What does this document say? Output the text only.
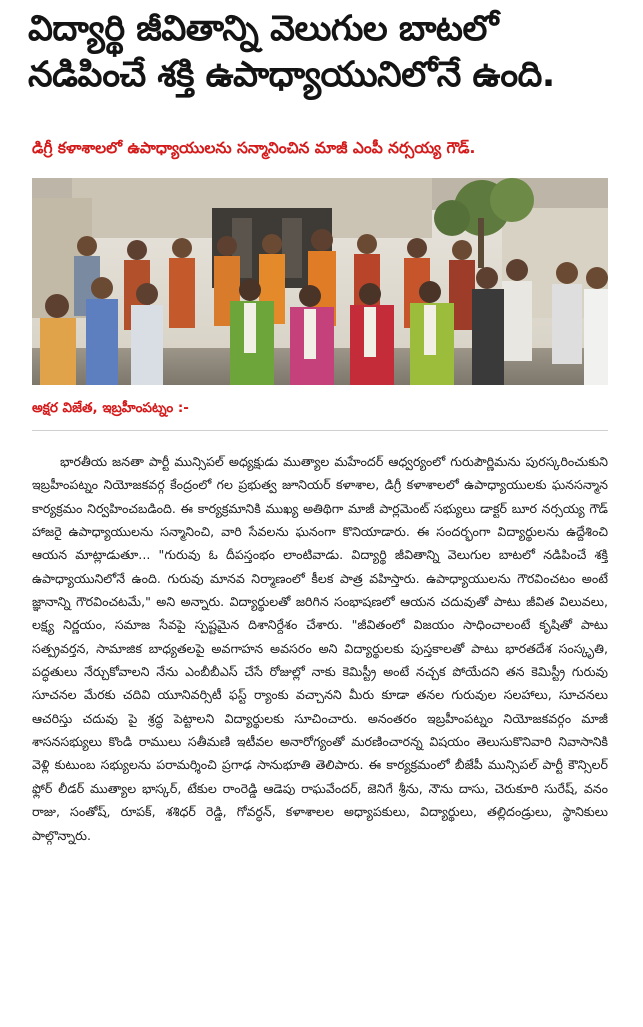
విద్యార్థి జీవితాన్ని వెలుగుల బాటలో
నడిపించే శక్తి ఉపాధ్యాయునిలోనే ఉంది.

డిగ్రీ కళాశాలలో ఉపాధ్యాయులను సన్మానించిన మాజీ ఎంపీ నర్సయ్య గౌడ్.

అక్షర విజేత, ఇబ్రహీంపట్నం :-

భారతీయ జనతా పార్టీ మున్సిపల్ అధ్యక్షుడు ముత్యాల మహేందర్ ఆధ్వర్యంలో గురుపౌర్ణిమను పురస్కరించుకుని ఇబ్రహీంపట్నం నియోజకవర్గ కేంద్రంలో గల ప్రభుత్వ జూనియర్ కళాశాల, డిగ్రీ కళాశాలలో ఉపాధ్యాయులకు ఘనసన్మాన కార్యక్రమం నిర్వహించబడింది. ఈ కార్యక్రమానికి ముఖ్య అతిథిగా మాజీ పార్లమెంట్ సభ్యులు డాక్టర్ బూర నర్సయ్య గౌడ్ హాజరై ఉపాధ్యాయులను సన్మానించి, వారి సేవలను ఘనంగా కొనియాడారు. ఈ సందర్భంగా విద్యార్థులను ఉద్దేశించి ఆయన మాట్లాడుతూ... "గురువు ఓ దీపస్తంభం లాంటివాడు. విద్యార్థి జీవితాన్ని వెలుగుల బాటలో నడిపించే శక్తి ఉపాధ్యాయునిలోనే ఉంది. గురువు మానవ నిర్మాణంలో కీలక పాత్ర వహిస్తారు. ఉపాధ్యాయులను గౌరవించటం అంటే జ్ఞానాన్ని గౌరవించటమే," అని అన్నారు. విద్యార్థులతో జరిగిన సంభాషణలో ఆయన చదువుతో పాటు జీవిత విలువలు, లక్ష్య నిర్ణయం, సమాజ సేవపై స్పష్టమైన దిశానిర్దేశం చేశారు. "జీవితంలో విజయం సాధించాలంటే కృషితో పాటు సత్ప్రవర్తన, సామాజిక బాధ్యతలపై అవగాహన అవసరం అని విద్యార్థులకు పుస్తకాలతో పాటు భారతదేశ సంస్కృతి, పద్ధతులు నేర్చుకోవాలని నేను ఎంబీబీఎస్ చేసే రోజుల్లో నాకు కెమిస్ట్రీ అంటే నచ్చక పోయేదని తన కెమిస్ట్రీ గురువు సూచనల మేరకు చదివి యూనివర్సిటీ ఫస్ట్ ర్యాంకు వచ్చానని మీరు కూడా తనల గురువుల సలహాలు, సూచనలు ఆచరిస్తు చదువు పై శ్రద్ధ పెట్టాలని విద్యార్థులకు సూచించారు. అనంతరం ఇబ్రహీంపట్నం నియోజకవర్గం మాజీ శాసనసభ్యులు కొండి రాములు సతీమణి ఇటీవల అనారోగ్యంతో మరణించారన్న విషయం తెలుసుకొనివారి నివాసానికి వెళ్లి కుటుంబ సభ్యులను పరామర్శించి ప్రగాఢ సానుభూతి తెలిపారు. ఈ కార్యక్రమంలో బీజేపీ మున్సిపల్ పార్టీ కౌన్సిలర్ ఫ్లోర్ లీడర్ ముత్యాల భాస్కర్, టేకుల రాంరెడ్డి ఆడెపు రాఘవేందర్, జెనిగే శ్రీను, నౌను దాసు, చెరుకూరి సురేష్, వనం రాజు, సంతోష్, రూపక్, శశిధర్ రెడ్డి, గోవర్ధన్, కళాశాలల అధ్యాపకులు, విద్యార్థులు, తల్లిదండ్రులు, స్థానికులు పాల్గొన్నారు.
